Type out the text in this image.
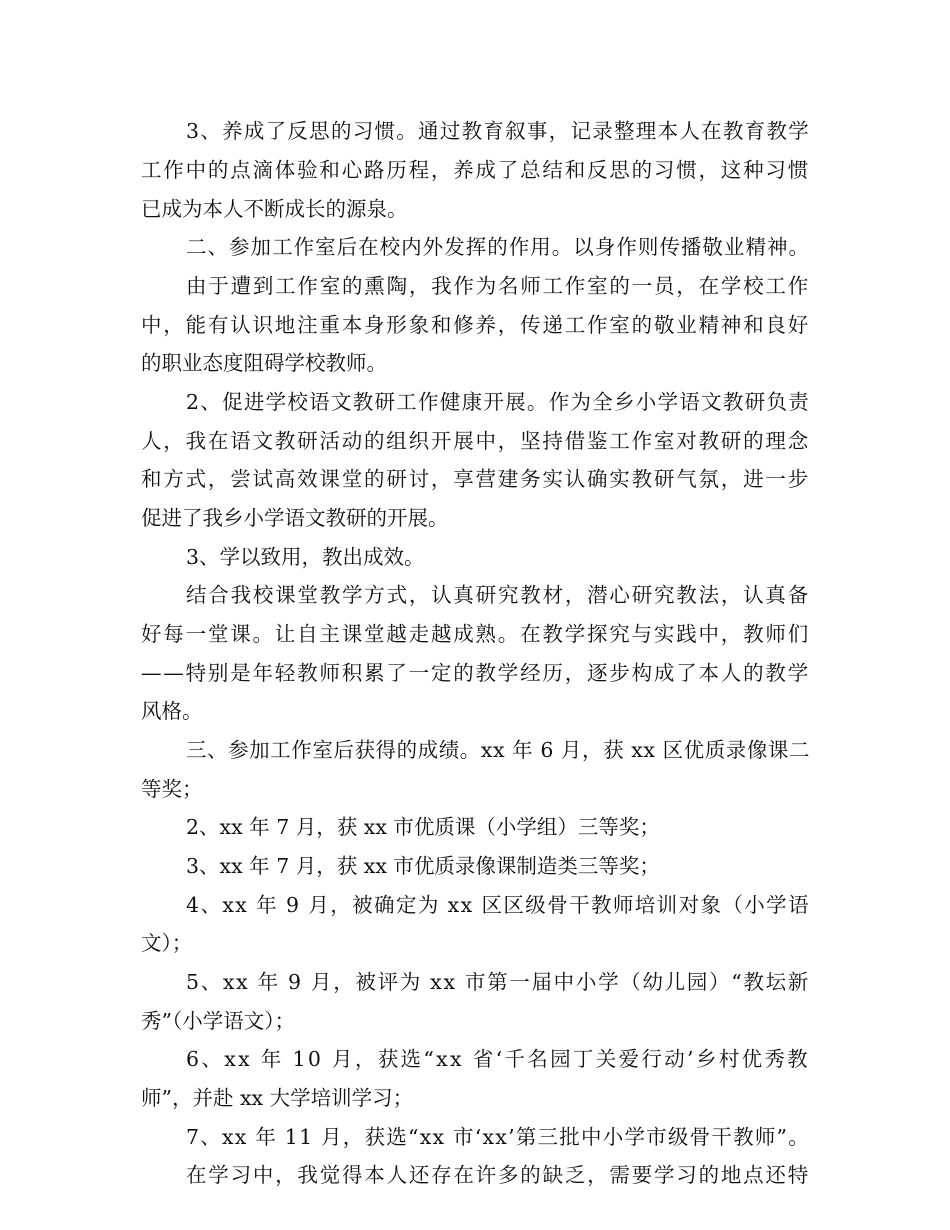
3、养成了反思的习惯。通过教育叙事，记录整理本人在教育教学
工作中的点滴体验和心路历程，养成了总结和反思的习惯，这种习惯
已成为本人不断成长的源泉。
二、参加工作室后在校内外发挥的作用。以身作则传播敬业精神。
由于遭到工作室的熏陶，我作为名师工作室的一员，在学校工作
中，能有认识地注重本身形象和修养，传递工作室的敬业精神和良好
的职业态度阻碍学校教师。
2、促进学校语文教研工作健康开展。作为全乡小学语文教研负责
人，我在语文教研活动的组织开展中，坚持借鉴工作室对教研的理念
和方式，尝试高效课堂的研讨，享营建务实认确实教研气氛，进一步
促进了我乡小学语文教研的开展。
3、学以致用，教出成效。
结合我校课堂教学方式，认真研究教材，潜心研究教法，认真备
好每一堂课。让自主课堂越走越成熟。在教学探究与实践中，教师们
——特别是年轻教师积累了一定的教学经历，逐步构成了本人的教学
风格。
三、参加工作室后获得的成绩。xx 年 6 月，获 xx 区优质录像课二
等奖；
2、xx 年 7 月，获 xx 市优质课（小学组）三等奖；
3、xx 年 7 月，获 xx 市优质录像课制造类三等奖；
4、xx 年 9 月，被确定为 xx 区区级骨干教师培训对象（小学语
文）；
5、xx 年 9 月，被评为 xx 市第一届中小学（幼儿园）“教坛新
秀”（小学语文）；
6、xx 年 10 月，获选“xx 省‘千名园丁关爱行动’乡村优秀教
师”，并赴 xx 大学培训学习；
7、xx 年 11 月，获选“xx 市‘xx’第三批中小学市级骨干教师”。
在学习中，我觉得本人还存在许多的缺乏，需要学习的地点还特
